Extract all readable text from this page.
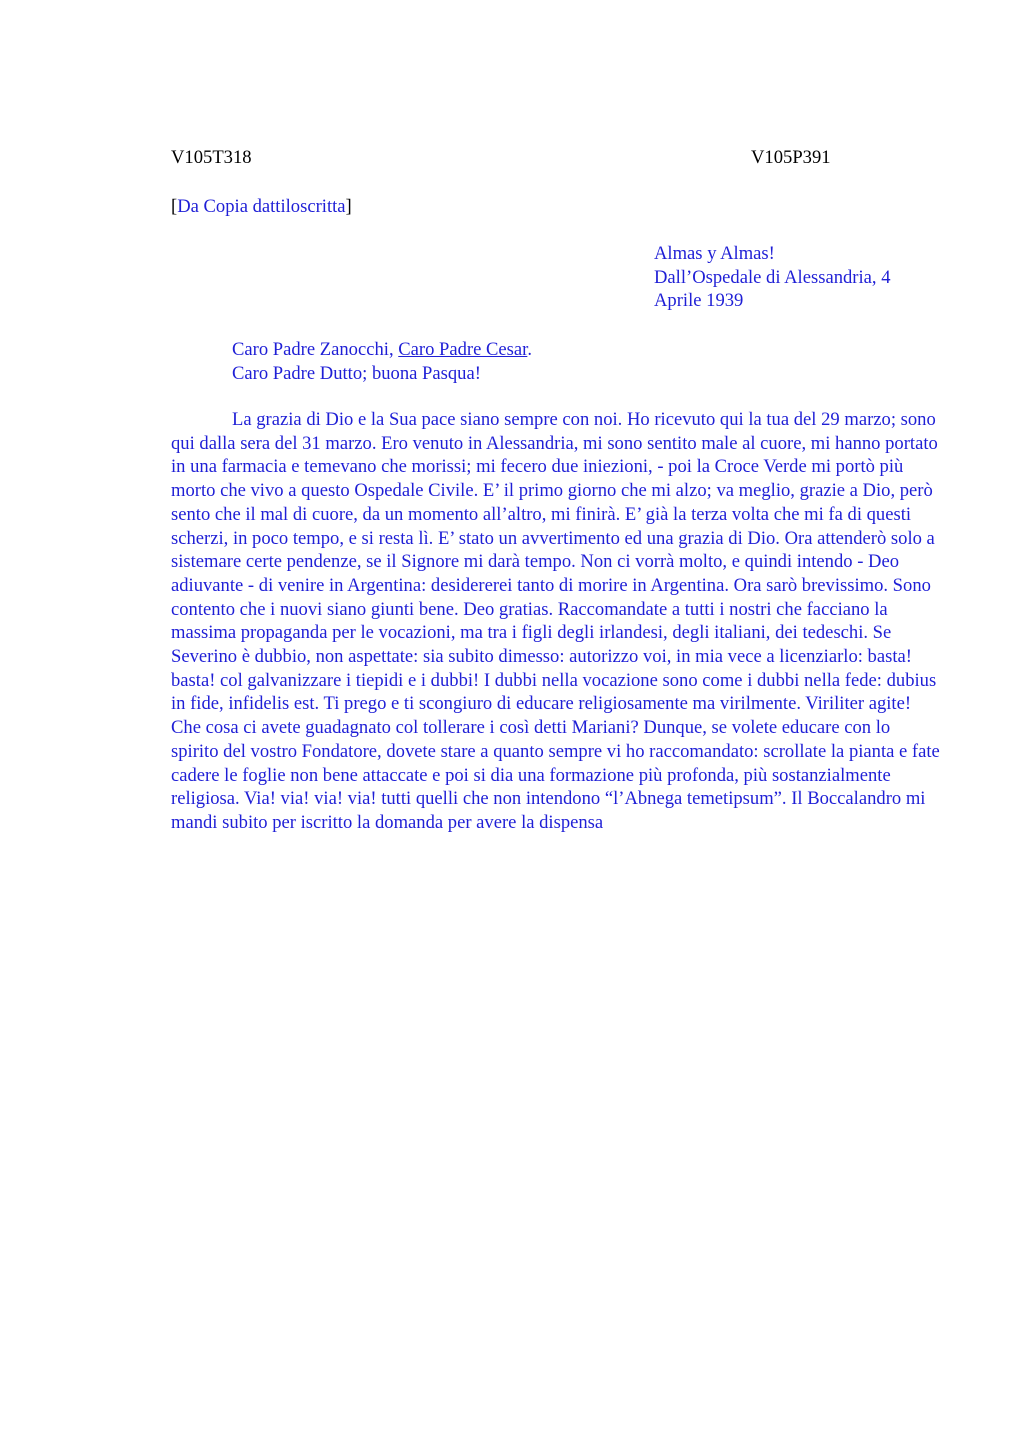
V105T318	V105P391
[Da Copia dattiloscritta]
Almas y Almas!
Dall’Ospedale di Alessandria, 4
Aprile 1939
Caro Padre Zanocchi, Caro Padre Cesar.
Caro Padre Dutto; buona Pasqua!

La grazia di Dio e la Sua pace siano sempre con noi. Ho ricevuto qui la tua del 29 marzo; sono qui dalla sera del 31 marzo. Ero venuto in Alessandria, mi sono sentito male al cuore, mi hanno portato in una farmacia e temevano che morissi; mi fecero due iniezioni, - poi la Croce Verde mi portò più morto che vivo a questo Ospedale Civile. E’ il primo giorno che mi alzo; va meglio, grazie a Dio, però sento che il mal di cuore, da un momento all’altro, mi finirà. E’ già la terza volta che mi fa di questi scherzi, in poco tempo, e si resta lì. E’ stato un avvertimento ed una grazia di Dio. Ora attenderò solo a sistemare certe pendenze, se il Signore mi darà tempo. Non ci vorrà molto, e quindi intendo - Deo adiuvante - di venire in Argentina: desidererei tanto di morire in Argentina. Ora sarò brevissimo. Sono contento che i nuovi siano giunti bene. Deo gratias. Raccomandate a tutti i nostri che facciano la massima propaganda per le vocazioni, ma tra i figli degli irlandesi, degli italiani, dei tedeschi. Se Severino è dubbio, non aspettate: sia subito dimesso: autorizzo voi, in mia vece a licenziarlo: basta! basta! col galvanizzare i tiepidi e i dubbi! I dubbi nella vocazione sono come i dubbi nella fede: dubius in fide, infidelis est. Ti prego e ti scongiuro di educare religiosamente ma virilmente. Viriliter agite! Che cosa ci avete guadagnato col tollerare i così detti Mariani? Dunque, se volete educare con lo spirito del vostro Fondatore, dovete stare a quanto sempre vi ho raccomandato: scrollate la pianta e fate cadere le foglie non bene attaccate e poi si dia una formazione più profonda, più sostanzialmente religiosa. Via! via! via! via! tutti quelli che non intendono “l’Abnega temetipsum”. Il Boccalandro mi mandi subito per iscritto la domanda per avere la dispensa
